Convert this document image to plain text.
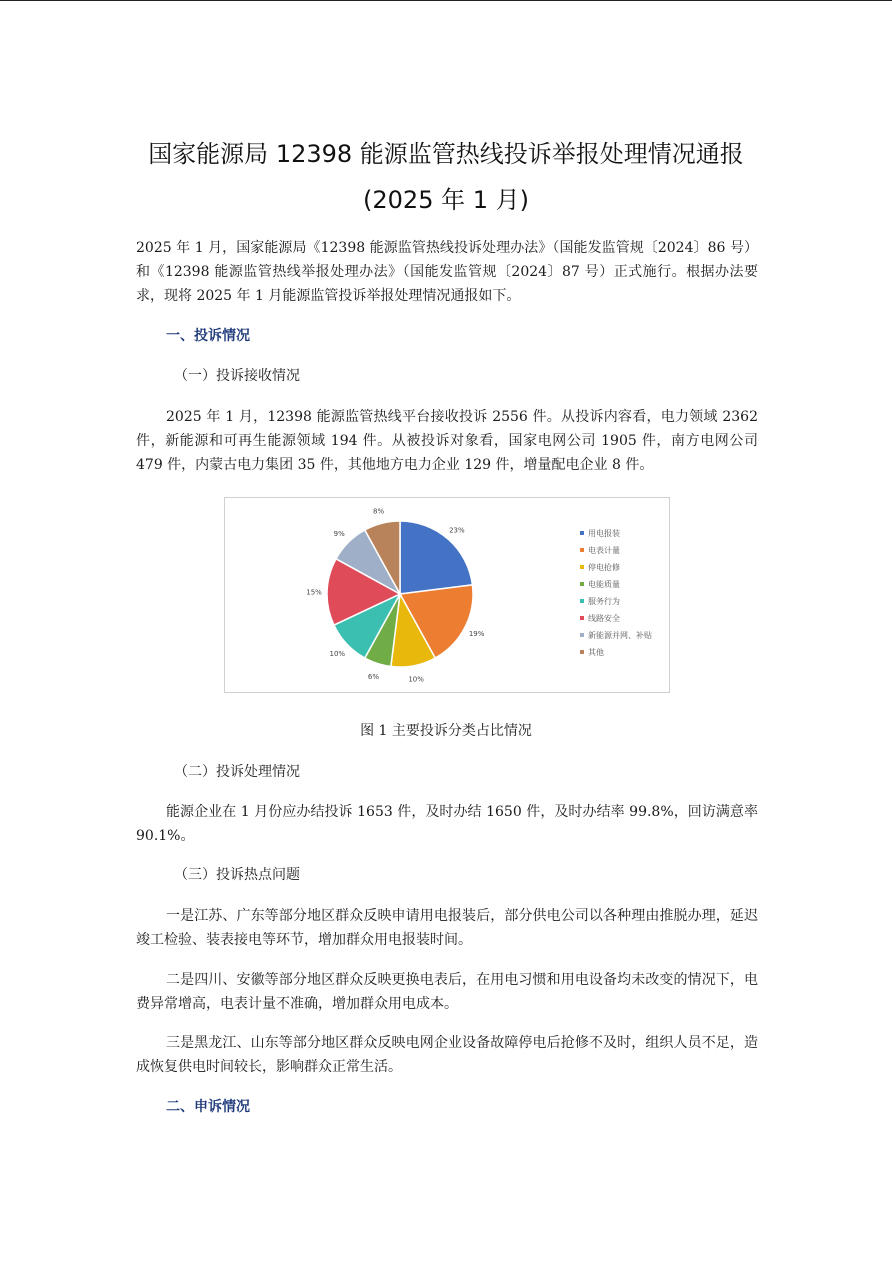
国家能源局 12398 能源监管热线投诉举报处理情况通报
(2025 年 1 月)

2025 年 1 月，国家能源局《12398 能源监管热线投诉处理办法》（国能发监管规〔2024〕86 号）和《12398 能源监管热线举报处理办法》（国能发监管规〔2024〕87 号）正式施行。根据办法要求，现将 2025 年 1 月能源监管投诉举报处理情况通报如下。

一、投诉情况
（一）投诉接收情况

2025 年 1 月，12398 能源监管热线平台接收投诉 2556 件。从投诉内容看，电力领域 2362 件，新能源和可再生能源领域 194 件。从被投诉对象看，国家电网公司 1905 件，南方电网公司 479 件，内蒙古电力集团 35 件，其他地方电力企业 129 件，增量配电企业 8 件。

23%
19%
10%
6%
10%
15%
9%
8%
用电报装
电表计量
停电抢修
电能质量
服务行为
线路安全
新能源并网、补贴
其他
图 1 主要投诉分类占比情况
（二）投诉处理情况

能源企业在 1 月份应办结投诉 1653 件，及时办结 1650 件，及时办结率 99.8%，回访满意率 90.1%。

（三）投诉热点问题

一是江苏、广东等部分地区群众反映申请用电报装后，部分供电公司以各种理由推脱办理，延迟竣工检验、装表接电等环节，增加群众用电报装时间。

二是四川、安徽等部分地区群众反映更换电表后，在用电习惯和用电设备均未改变的情况下，电费异常增高，电表计量不准确，增加群众用电成本。

三是黑龙江、山东等部分地区群众反映电网企业设备故障停电后抢修不及时，组织人员不足，造成恢复供电时间较长，影响群众正常生活。

二、申诉情况
